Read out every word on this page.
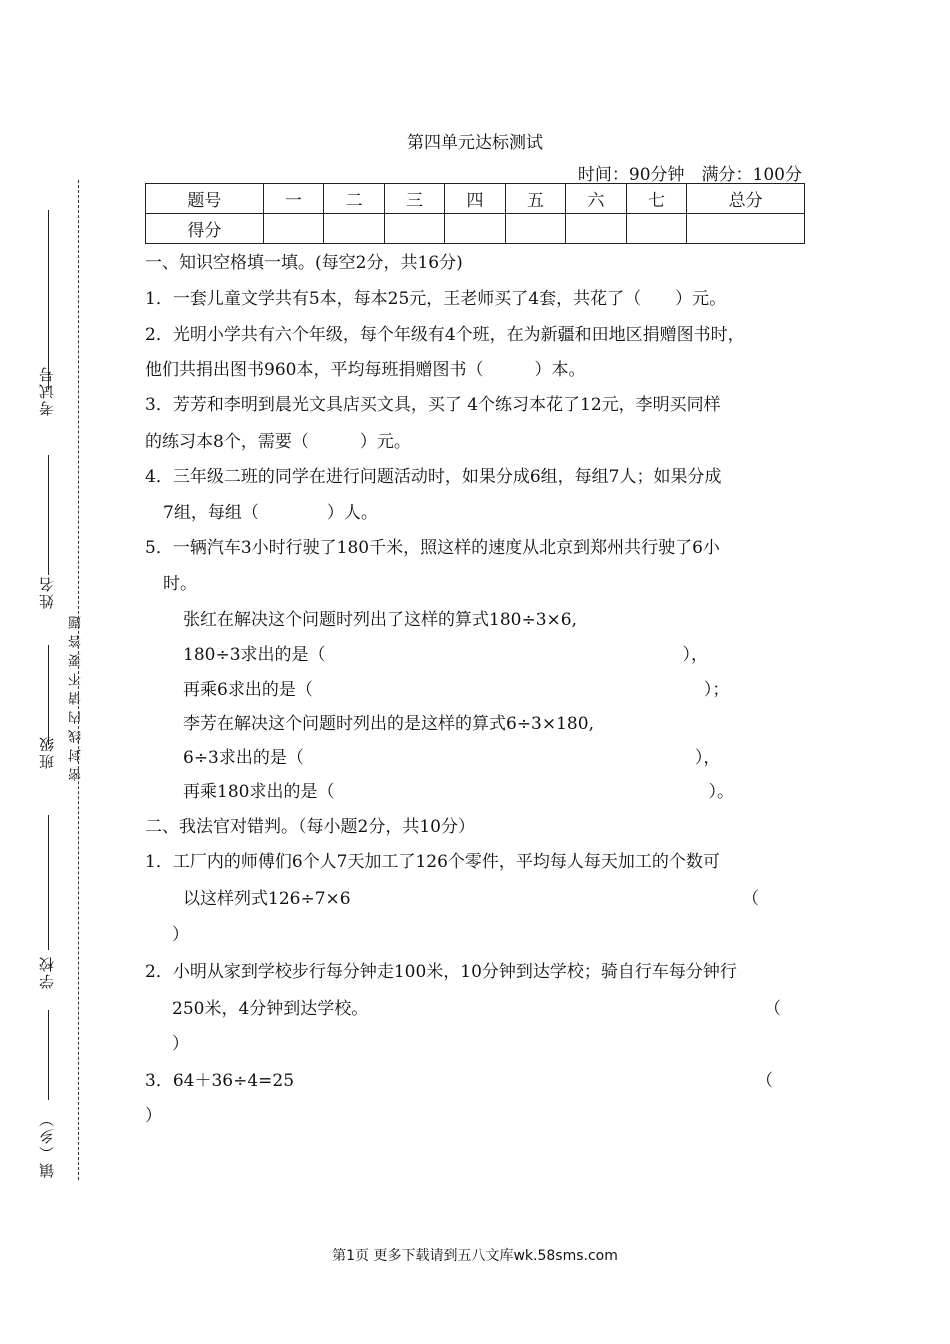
考试号
姓名
班级
学校
镇（乡）
密封线内请不要答题
第四单元达标测试
时间：90分钟　满分：100分
题号	一	二	三	四	五	六	七	总分
得分								
一、知识空格填一填。(每空2分，共16分)
1．一套儿童文学共有5本，每本25元，王老师买了4套，共花了（　　）元。
2．光明小学共有六个年级，每个年级有4个班，在为新疆和田地区捐赠图书时，
他们共捐出图书960本，平均每班捐赠图书（　　　）本。
3．芳芳和李明到晨光文具店买文具，买了 4个练习本花了12元，李明买同样
的练习本8个，需要（　　　）元。
4．三年级二班的同学在进行问题活动时，如果分成6组，每组7人；如果分成
7组，每组（　　　　）人。
5．一辆汽车3小时行驶了180千米，照这样的速度从北京到郑州共行驶了6小
时。
张红在解决这个问题时列出了这样的算式180÷3×6,
180÷3求出的是（　　　　　　　　　　　　　　　　　　　　　），
再乘6求出的是（　　　　　　　　　　　　　　　　　　　　　　　）；
李芳在解决这个问题时列出的是这样的算式6÷3×180,
6÷3求出的是（　　　　　　　　　　　　　　　　　　　　　　　），
再乘180求出的是（　　　　　　　　　　　　　　　　　　　　　　）。
二、我法官对错判。（每小题2分，共10分）
1．工厂内的师傅们6个人7天加工了126个零件，平均每人每天加工的个数可
以这样列式126÷7×6	（
）
2．小明从家到学校步行每分钟走100米，10分钟到达学校；骑自行车每分钟行
250米，4分钟到达学校。	（
）
3．64＋36÷4=25	（
）
第1页 更多下载请到五八文库wk.58sms.com
